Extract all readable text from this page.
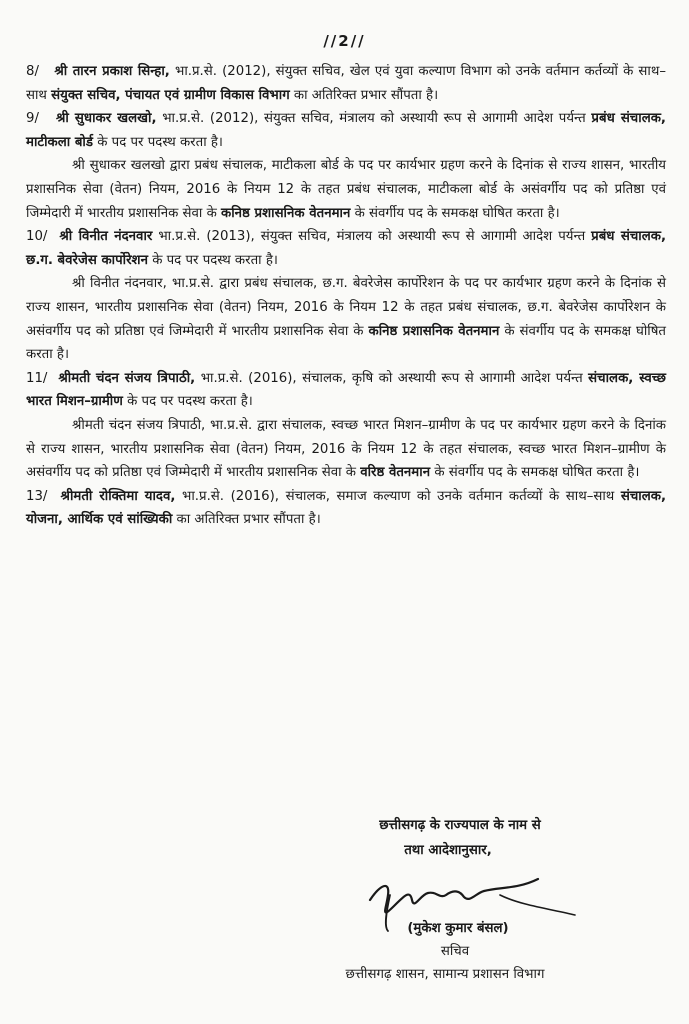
//2//

8/ श्री तारन प्रकाश सिन्हा, भा.प्र.से. (2012), संयुक्त सचिव, खेल एवं युवा कल्याण विभाग को उनके वर्तमान कर्तव्यों के साथ–साथ संयुक्त सचिव, पंचायत एवं ग्रामीण विकास विभाग का अतिरिक्त प्रभार सौंपता है।

9/ श्री सुधाकर खलखो, भा.प्र.से. (2012), संयुक्त सचिव, मंत्रालय को अस्थायी रूप से आगामी आदेश पर्यन्त प्रबंध संचालक, माटीकला बोर्ड के पद पर पदस्थ करता है।

श्री सुधाकर खलखो द्वारा प्रबंध संचालक, माटीकला बोर्ड के पद पर कार्यभार ग्रहण करने के दिनांक से राज्य शासन, भारतीय प्रशासनिक सेवा (वेतन) नियम, 2016 के नियम 12 के तहत प्रबंध संचालक, माटीकला बोर्ड के असंवर्गीय पद को प्रतिष्ठा एवं जिम्मेदारी में भारतीय प्रशासनिक सेवा के कनिष्ठ प्रशासनिक वेतनमान के संवर्गीय पद के समकक्ष घोषित करता है।

10/ श्री विनीत नंदनवार भा.प्र.से. (2013), संयुक्त सचिव, मंत्रालय को अस्थायी रूप से आगामी आदेश पर्यन्त प्रबंध संचालक, छ.ग. बेवरेजेस कार्पोरेशन के पद पर पदस्थ करता है।

श्री विनीत नंदनवार, भा.प्र.से. द्वारा प्रबंध संचालक, छ.ग. बेवरेजेस कार्पोरेशन के पद पर कार्यभार ग्रहण करने के दिनांक से राज्य शासन, भारतीय प्रशासनिक सेवा (वेतन) नियम, 2016 के नियम 12 के तहत प्रबंध संचालक, छ.ग. बेवरेजेस कार्पोरेशन के असंवर्गीय पद को प्रतिष्ठा एवं जिम्मेदारी में भारतीय प्रशासनिक सेवा के कनिष्ठ प्रशासनिक वेतनमान के संवर्गीय पद के समकक्ष घोषित करता है।

11/ श्रीमती चंदन संजय त्रिपाठी, भा.प्र.से. (2016), संचालक, कृषि को अस्थायी रूप से आगामी आदेश पर्यन्त संचालक, स्वच्छ भारत मिशन–ग्रामीण के पद पर पदस्थ करता है।

श्रीमती चंदन संजय त्रिपाठी, भा.प्र.से. द्वारा संचालक, स्वच्छ भारत मिशन–ग्रामीण के पद पर कार्यभार ग्रहण करने के दिनांक से राज्य शासन, भारतीय प्रशासनिक सेवा (वेतन) नियम, 2016 के नियम 12 के तहत संचालक, स्वच्छ भारत मिशन–ग्रामीण के असंवर्गीय पद को प्रतिष्ठा एवं जिम्मेदारी में भारतीय प्रशासनिक सेवा के वरिष्ठ वेतनमान के संवर्गीय पद के समकक्ष घोषित करता है।

13/ श्रीमती रोक्तिमा यादव, भा.प्र.से. (2016), संचालक, समाज कल्याण को उनके वर्तमान कर्तव्यों के साथ–साथ संचालक, योजना, आर्थिक एवं सांख्यिकी का अतिरिक्त प्रभार सौंपता है।

छत्तीसगढ़ के राज्यपाल के नाम से
तथा आदेशानुसार,
(मुकेश कुमार बंसल)
सचिव
छत्तीसगढ़ शासन, सामान्य प्रशासन विभाग
